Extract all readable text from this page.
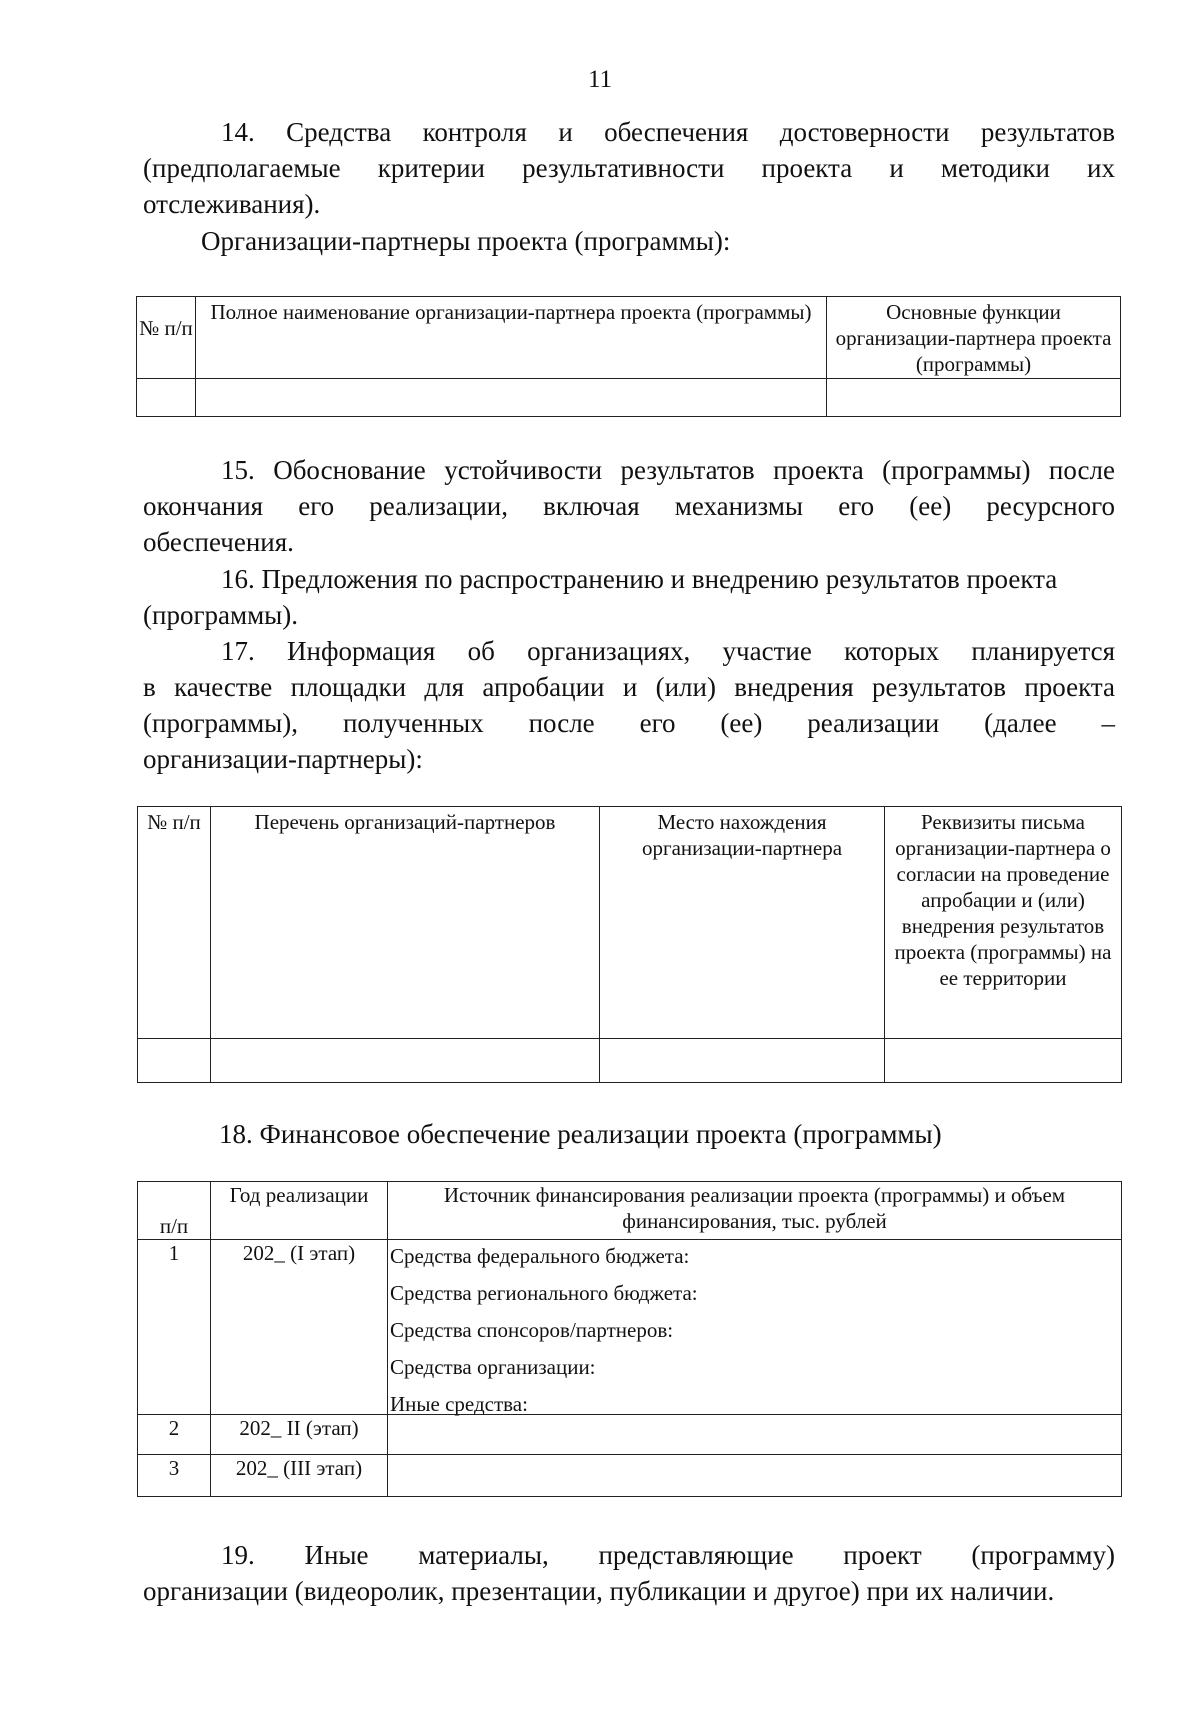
11
14. Средства контроля и обеспечения достоверности результатов
(предполагаемые критерии результативности проекта и методики их
отслеживания).
Организации-партнеры проекта (программы):
№ п/п	Полное наименование организации-партнера проекта (программы)	Основные функции организации-партнера проекта (программы)

15. Обоснование устойчивости результатов проекта (программы) после
окончания его реализации, включая механизмы его (ее) ресурсного
обеспечения.
16. Предложения по распространению и внедрению результатов проекта
(программы).
17. Информация об организациях, участие которых планируется
в качестве площадки для апробации и (или) внедрения результатов проекта
(программы), полученных после его (ее) реализации (далее –
организации-партнеры):
№ п/п	Перечень организаций-партнеров	Место нахождения организации-партнера	Реквизиты письма организации-партнера о согласии на проведение апробации и (или) внедрения результатов проекта (программы) на ее территории

18. Финансовое обеспечение реализации проекта (программы)
п/п	Год реализации	Источник финансирования реализации проекта (программы) и объем финансирования, тыс. рублей
1	202_ (I этап)	Средства федерального бюджета:
Средства регионального бюджета:
Средства спонсоров/партнеров:
Средства организации:
Иные средства:

2	202_ II (этап)	
3	202_ (III этап)	
19. Иные материалы, представляющие проект (программу)
организации (видеоролик, презентации, публикации и другое) при их наличии.
